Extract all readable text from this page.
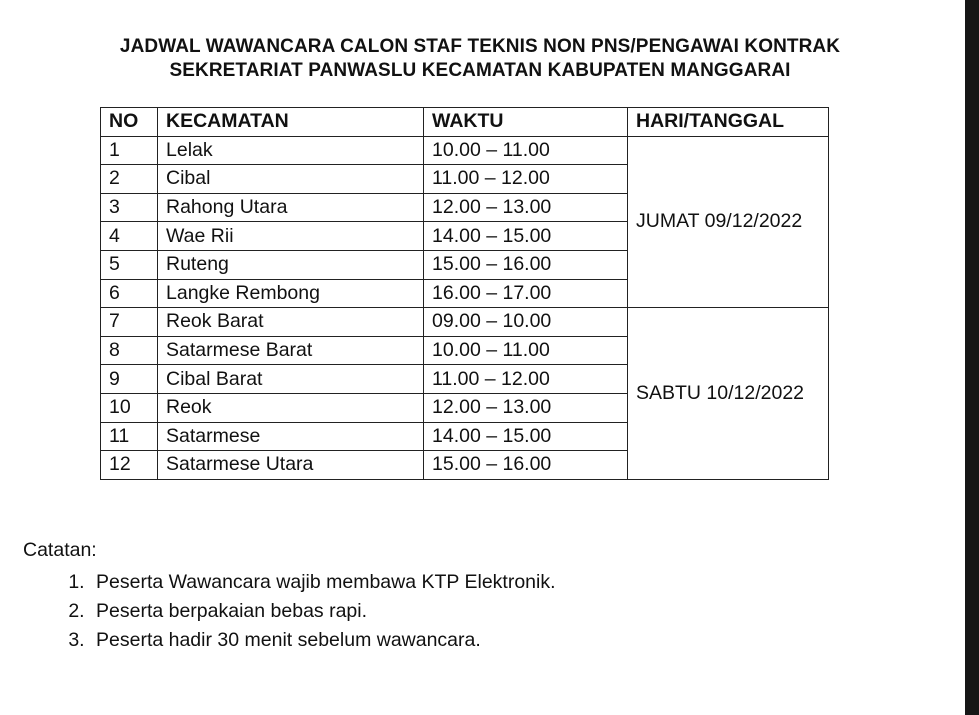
JADWAL WAWANCARA CALON STAF TEKNIS NON PNS/PENGAWAI KONTRAK
SEKRETARIAT PANWASLU KECAMATAN KABUPATEN MANGGARAI
NO	KECAMATAN	WAKTU	HARI/TANGGAL
1	Lelak	10.00 – 11.00	JUMAT 09/12/2022
2	Cibal	11.00 – 12.00	
3	Rahong Utara	12.00 – 13.00	
4	Wae Rii	14.00 – 15.00	
5	Ruteng	15.00 – 16.00	
6	Langke Rembong	16.00 – 17.00	
7	Reok Barat	09.00 – 10.00	SABTU 10/12/2022
8	Satarmese Barat	10.00 – 11.00	
9	Cibal Barat	11.00 – 12.00	
10	Reok	12.00 – 13.00	
11	Satarmese	14.00 – 15.00	
12	Satarmese Utara	15.00 – 16.00	
Catatan:
1. Peserta Wawancara wajib membawa KTP Elektronik.
2. Peserta berpakaian bebas rapi.
3. Peserta hadir 30 menit sebelum wawancara.
